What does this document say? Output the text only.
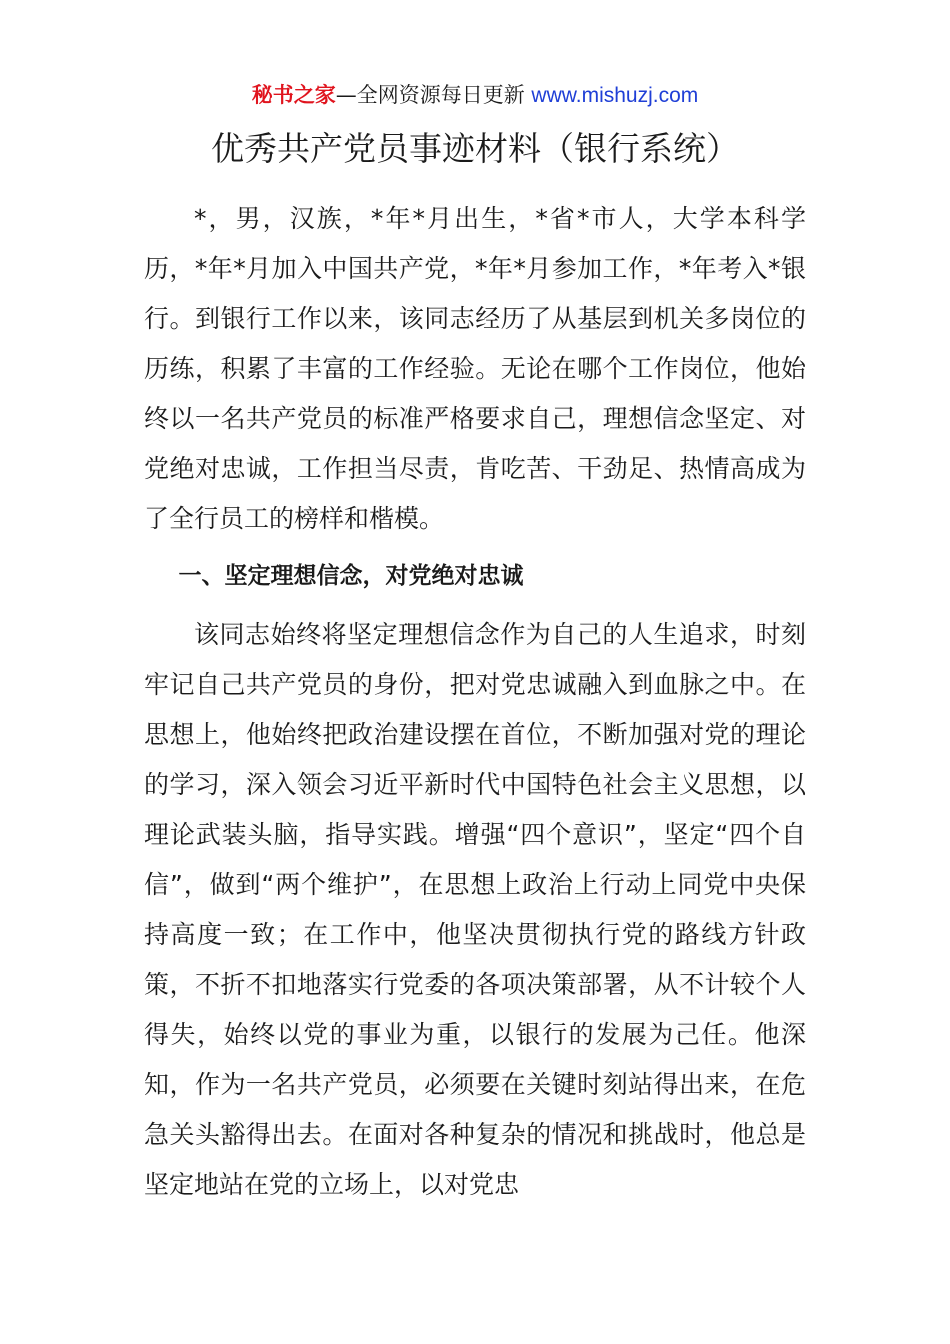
秘书之家—全网资源每日更新 www.mishuzj.com
优秀共产党员事迹材料（银行系统）

*，男，汉族，*年*月出生，*省*市人，大学本科学历，*年*月加入中国共产党，*年*月参加工作，*年考入*银行。到银行工作以来，该同志经历了从基层到机关多岗位的历练，积累了丰富的工作经验。无论在哪个工作岗位，他始终以一名共产党员的标准严格要求自己，理想信念坚定、对党绝对忠诚，工作担当尽责，肯吃苦、干劲足、热情高成为了全行员工的榜样和楷模。

一、坚定理想信念，对党绝对忠诚

该同志始终将坚定理想信念作为自己的人生追求，时刻牢记自己共产党员的身份，把对党忠诚融入到血脉之中。在思想上，他始终把政治建设摆在首位，不断加强对党的理论的学习，深入领会习近平新时代中国特色社会主义思想，以理论武装头脑，指导实践。增强“四个意识”，坚定“四个自信”，做到“两个维护”，在思想上政治上行动上同党中央保持高度一致；在工作中，他坚决贯彻执行党的路线方针政策，不折不扣地落实行党委的各项决策部署，从不计较个人得失，始终以党的事业为重，以银行的发展为己任。他深知，作为一名共产党员，必须要在关键时刻站得出来，在危急关头豁得出去。在面对各种复杂的情况和挑战时，他总是坚定地站在党的立场上，以对党忠
